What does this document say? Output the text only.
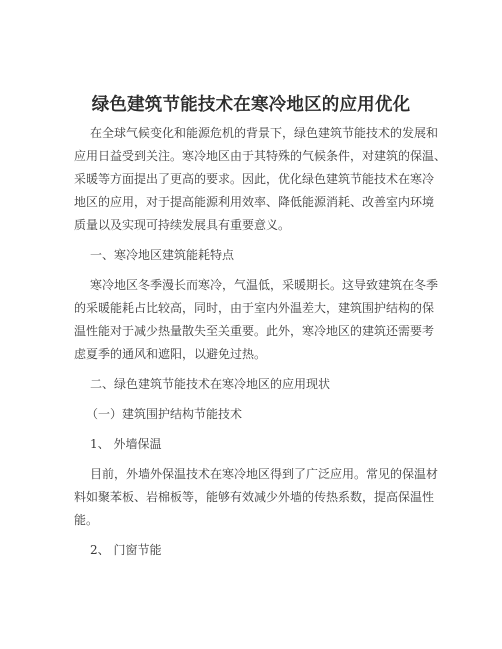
绿色建筑节能技术在寒冷地区的应用优化
在全球气候变化和能源危机的背景下，绿色建筑节能技术的发展和
应用日益受到关注。寒冷地区由于其特殊的气候条件，对建筑的保温、
采暖等方面提出了更高的要求。因此，优化绿色建筑节能技术在寒冷
地区的应用，对于提高能源利用效率、降低能源消耗、改善室内环境
质量以及实现可持续发展具有重要意义。
一、寒冷地区建筑能耗特点
寒冷地区冬季漫长而寒冷，气温低，采暖期长。这导致建筑在冬季
的采暖能耗占比较高，同时，由于室内外温差大，建筑围护结构的保
温性能对于减少热量散失至关重要。此外，寒冷地区的建筑还需要考
虑夏季的通风和遮阳，以避免过热。
二、绿色建筑节能技术在寒冷地区的应用现状
（一）建筑围护结构节能技术
1、 外墙保温
目前，外墙外保温技术在寒冷地区得到了广泛应用。常见的保温材
料如聚苯板、岩棉板等，能够有效减少外墙的传热系数，提高保温性
能。
2、 门窗节能
